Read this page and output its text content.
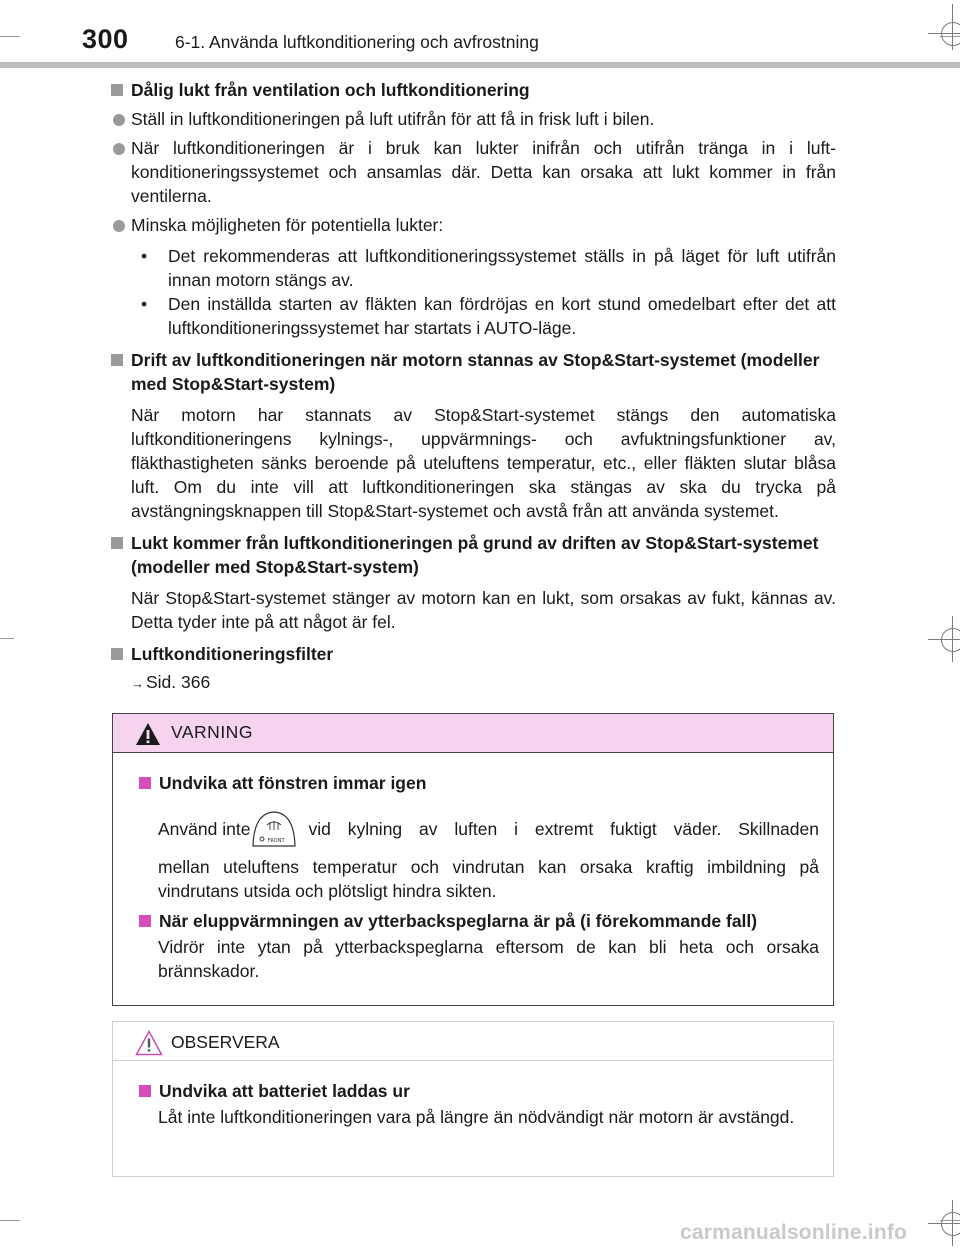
300	6-1. Använda luftkonditionering och avfrostning
Dålig lukt från ventilation och luftkonditionering
Ställ in luftkonditioneringen på luft utifrån för att få in frisk luft i bilen.
När luftkonditioneringen är i bruk kan lukter inifrån och utifrån tränga in i luft-konditioneringssystemet och ansamlas där. Detta kan orsaka att lukt kommer in från ventilerna.
Minska möjligheten för potentiella lukter:
• Det rekommenderas att luftkonditioneringssystemet ställs in på läget för luft utifrån innan motorn stängs av.
• Den inställda starten av fläkten kan fördröjas en kort stund omedelbart efter det att luftkonditioneringssystemet har startats i AUTO-läge.
Drift av luftkonditioneringen när motorn stannas av Stop&Start-systemet (modeller med Stop&Start-system)
När motorn har stannats av Stop&Start-systemet stängs den automatiska luftkonditioneringens kylnings-, uppvärmnings- och avfuktningsfunktioner av, fläkthastigheten sänks beroende på uteluftens temperatur, etc., eller fläkten slutar blåsa luft. Om du inte vill att luftkonditioneringen ska stängas av ska du trycka på avstängningsknappen till Stop&Start-systemet och avstå från att använda systemet.
Lukt kommer från luftkonditioneringen på grund av driften av Stop&Start-systemet (modeller med Stop&Start-system)
När Stop&Start-systemet stänger av motorn kan en lukt, som orsakas av fukt, kännas av. Detta tyder inte på att något är fel.
Luftkonditioneringsfilter
→ Sid. 366
VARNING
Undvika att fönstren immar igen
Använd inte
FRONT
vid kylning av luften i extremt fuktigt väder. Skillnaden
mellan uteluftens temperatur och vindrutan kan orsaka kraftig imbildning på vindrutans utsida och plötsligt hindra sikten.
När eluppvärmningen av ytterbackspeglarna är på (i förekommande fall)
Vidrör inte ytan på ytterbackspeglarna eftersom de kan bli heta och orsaka brännskador.
OBSERVERA
Undvika att batteriet laddas ur
Låt inte luftkonditioneringen vara på längre än nödvändigt när motorn är avstängd.
carmanualsonline.info
